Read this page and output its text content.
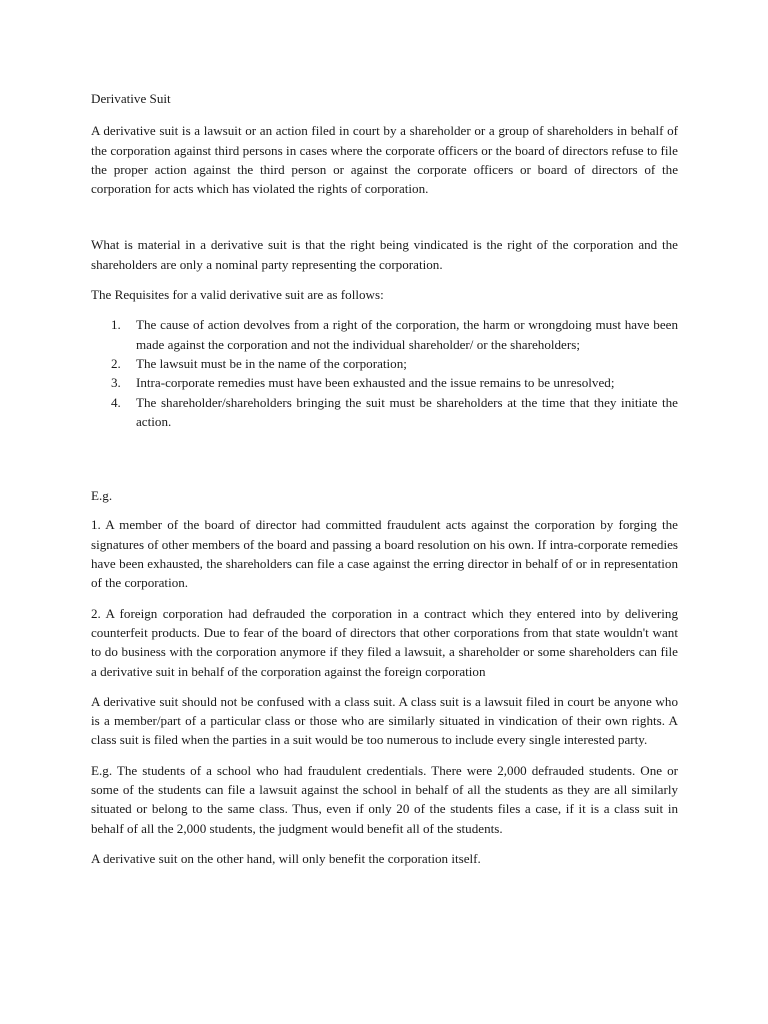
Derivative Suit

A derivative suit is a lawsuit or an action filed in court by a shareholder or a group of shareholders in behalf of the corporation against third persons in cases where the corporate officers or the board of directors refuse to file the proper action against the third person or against the corporate officers or board of directors of the corporation for acts which has violated the rights of corporation.

What is material in a derivative suit is that the right being vindicated is the right of the corporation and the shareholders are only a nominal party representing the corporation.

The Requisites for a valid derivative suit are as follows:

1. The cause of action devolves from a right of the corporation, the harm or wrongdoing must have been made against the corporation and not the individual shareholder/ or the shareholders;
2. The lawsuit must be in the name of the corporation;
3. Intra-corporate remedies must have been exhausted and the issue remains to be unresolved;
4. The shareholder/shareholders bringing the suit must be shareholders at the time that they initiate the action.

E.g.

1. A member of the board of director had committed fraudulent acts against the corporation by forging the signatures of other members of the board and passing a board resolution on his own. If intra-corporate remedies have been exhausted, the shareholders can file a case against the erring director in behalf of or in representation of the corporation.

2. A foreign corporation had defrauded the corporation in a contract which they entered into by delivering counterfeit products. Due to fear of the board of directors that other corporations from that state wouldn't want to do business with the corporation anymore if they filed a lawsuit, a shareholder or some shareholders can file a derivative suit in behalf of the corporation against the foreign corporation

A derivative suit should not be confused with a class suit. A class suit is a lawsuit filed in court be anyone who is a member/part of a particular class or those who are similarly situated in vindication of their own rights. A class suit is filed when the parties in a suit would be too numerous to include every single interested party.

E.g. The students of a school who had fraudulent credentials. There were 2,000 defrauded students. One or some of the students can file a lawsuit against the school in behalf of all the students as they are all similarly situated or belong to the same class. Thus, even if only 20 of the students files a case, if it is a class suit in behalf of all the 2,000 students, the judgment would benefit all of the students.

A derivative suit on the other hand, will only benefit the corporation itself.
